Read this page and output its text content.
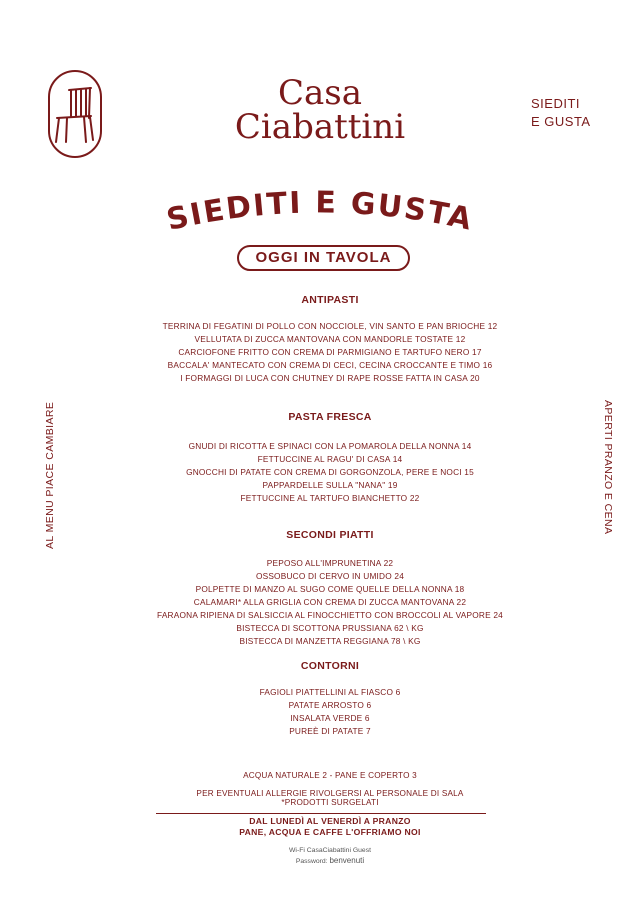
Casa
Ciabattini
SIEDITI
E GUSTA
SIEDITI E GUSTA
OGGI IN TAVOLA
AL MENU PIACE CAMBIARE	APERTI PRANZO E CENA
ANTIPASTI
TERRINA DI FEGATINI DI POLLO CON NOCCIOLE, VIN SANTO E PAN BRIOCHE 12
VELLUTATA DI ZUCCA MANTOVANA CON MANDORLE TOSTATE 12
CARCIOFONE FRITTO CON CREMA DI PARMIGIANO E TARTUFO NERO 17
BACCALA' MANTECATO CON CREMA DI CECI, CECINA CROCCANTE E TIMO 16
I FORMAGGI DI LUCA CON CHUTNEY DI RAPE ROSSE FATTA IN CASA 20
PASTA FRESCA
GNUDI DI RICOTTA E SPINACI CON LA POMAROLA DELLA NONNA 14
FETTUCCINE AL RAGU' DI CASA 14
GNOCCHI DI PATATE CON CREMA DI GORGONZOLA, PERE E NOCI 15
PAPPARDELLE SULLA "NANA" 19
FETTUCCINE AL TARTUFO BIANCHETTO 22
SECONDI PIATTI
PEPOSO ALL'IMPRUNETINA 22
OSSOBUCO DI CERVO IN UMIDO 24
POLPETTE DI MANZO AL SUGO COME QUELLE DELLA NONNA 18
CALAMARI* ALLA GRIGLIA CON CREMA DI ZUCCA MANTOVANA 22
FARAONA RIPIENA DI SALSICCIA AL FINOCCHIETTO CON BROCCOLI AL VAPORE 24
BISTECCA DI SCOTTONA PRUSSIANA 62 \ KG
BISTECCA DI MANZETTA REGGIANA 78 \ KG
CONTORNI
FAGIOLI PIATTELLINI AL FIASCO 6
PATATE ARROSTO 6
INSALATA VERDE 6
PUREÈ DI PATATE 7
ACQUA NATURALE 2 - PANE E COPERTO 3
PER EVENTUALI ALLERGIE RIVOLGERSI AL PERSONALE DI SALA
*PRODOTTI SURGELATI
DAL LUNEDÌ AL VENERDÌ A PRANZO
PANE, ACQUA E CAFFE L'OFFRIAMO NOI
Wi-Fi CasaCiabattini Guest
Password: benvenuti
